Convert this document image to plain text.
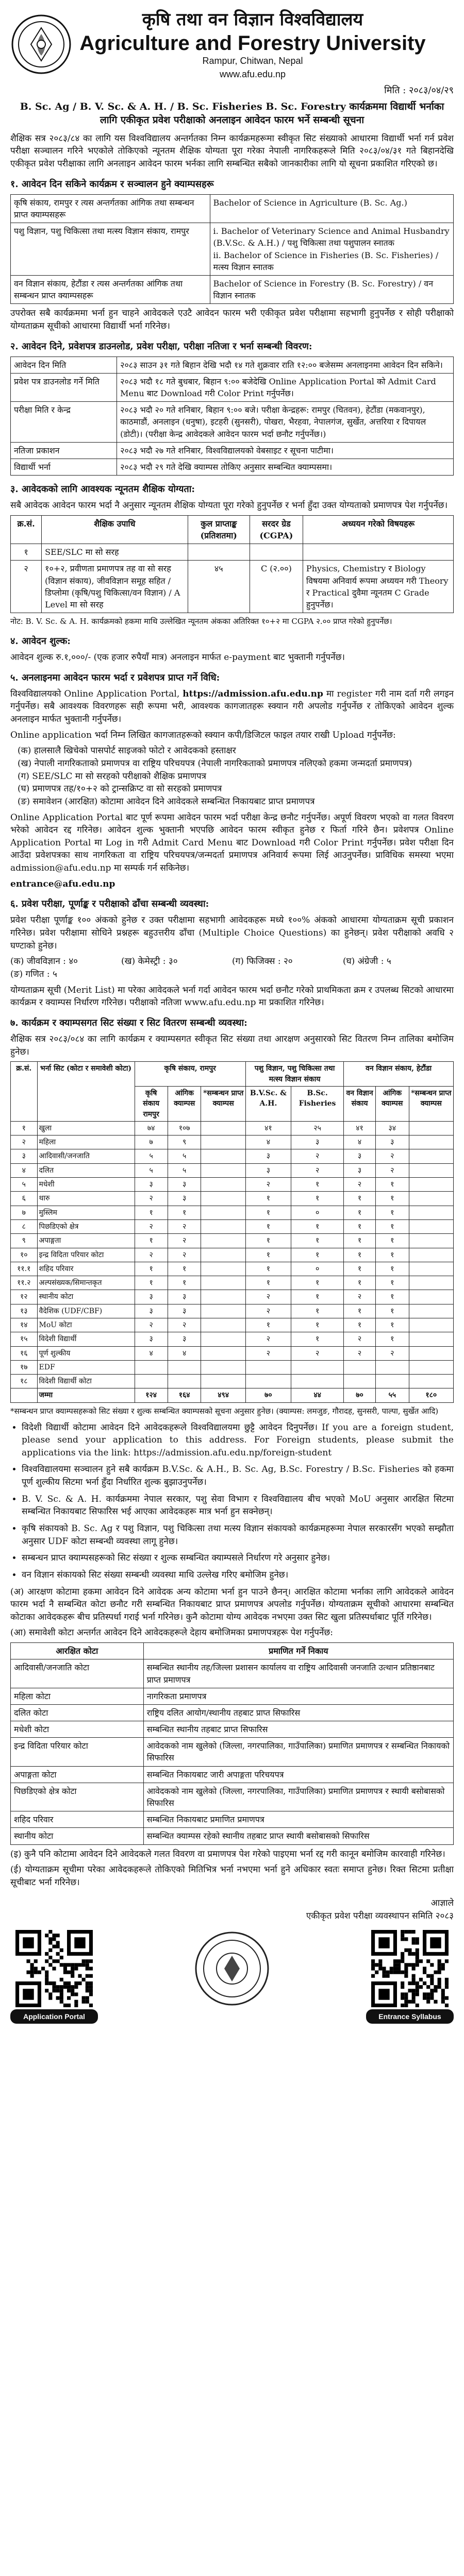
कृषि तथा वन विज्ञान विश्वविद्यालय
Agriculture and Forestry University
Rampur, Chitwan, Nepal
www.afu.edu.np
मिति : २०८३/०४/२९
B. Sc. Ag / B. V. Sc. & A. H. / B. Sc. Fisheries B. Sc. Forestry कार्यक्रममा विद्यार्थी भर्नाका लागि एकीकृत प्रवेश परीक्षाको अनलाइन आवेदन फारम भर्ने सम्बन्धी सूचना

शैक्षिक सत्र २०८३/८४ का लागि यस विश्वविद्यालय अन्तर्गतका निम्न कार्यक्रमहरूमा स्वीकृत सिट संख्याको आधारमा विद्यार्थी भर्ना गर्न प्रवेश परीक्षा सञ्चालन गरिने भएकोले तोकिएको न्यूनतम शैक्षिक योग्यता पूरा गरेका नेपाली नागरिकहरूले मिति २०८३/०४/३१ गते बिहानदेखि एकीकृत प्रवेश परीक्षाका लागि अनलाइन आवेदन फारम भर्नका लागि सम्बन्धित सबैको जानकारीका लागि यो सूचना प्रकाशित गरिएको छ।

१. आवेदन दिन सकिने कार्यक्रम र सञ्चालन हुने क्याम्पसहरू
कृषि संकाय, रामपुर र त्यस अन्तर्गतका आंगिक तथा सम्बन्धन प्राप्त क्याम्पसहरू	Bachelor of Science in Agriculture (B. Sc. Ag.)
पशु विज्ञान, पशु चिकित्सा तथा मत्स्य विज्ञान संकाय, रामपुर	i. Bachelor of Veterinary Science and Animal Husbandry (B.V.Sc. & A.H.) / पशु चिकित्सा तथा पशुपालन स्नातक
ii. Bachelor of Science in Fisheries (B. Sc. Fisheries) / मत्स्य विज्ञान स्नातक

वन विज्ञान संकाय, हेटौंडा र त्यस अन्तर्गतका आंगिक तथा सम्बन्धन प्राप्त क्याम्पसहरू	Bachelor of Science in Forestry (B. Sc. Forestry) / वन विज्ञान स्नातक

उपरोक्त सबै कार्यक्रममा भर्ना हुन चाहने आवेदकले एउटै आवेदन फारम भरी एकीकृत प्रवेश परीक्षामा सहभागी हुनुपर्नेछ र सोही परीक्षाको योग्यताक्रम सूचीको आधारमा विद्यार्थी भर्ना गरिनेछ।

२. आवेदन दिने, प्रवेशपत्र डाउनलोड, प्रवेश परीक्षा, परीक्षा नतिजा र भर्ना सम्बन्धी विवरण:
आवेदन दिन मिति	२०८३ साउन ३१ गते बिहान देखि भदौ १४ गते शुक्रवार राति १२:०० बजेसम्म अनलाइनमा आवेदन दिन सकिने।
प्रवेश पत्र डाउनलोड गर्ने मिति	२०८३ भदौ १८ गते बुधबार, बिहान ९:०० बजेदेखि Online Application Portal को Admit Card Menu बाट Download गरी Color Print गर्नुपर्नेछ।
परीक्षा मिति र केन्द्र	२०८३ भदौ २० गते शनिबार, बिहान ९:०० बजे। परीक्षा केन्द्रहरू: रामपुर (चितवन), हेटौंडा (मकवानपुर), काठमाडौं, अनलाइन (धनुषा), इटहरी (सुनसरी), पोखरा, भैरहवा, नेपालगंज, सुर्खेत, अत्तरिया र दिपायल (डोटी)। (परीक्षा केन्द्र आवेदकले आवेदन फारम भर्दा छनौट गर्नुपर्नेछ।)
नतिजा प्रकाशन	२०८३ भदौ २७ गते शनिबार, विश्वविद्यालयको वेबसाइट र सूचना पाटीमा।
विद्यार्थी भर्ना	२०८३ भदौ २९ गते देखि क्याम्पस तोकिए अनुसार सम्बन्धित क्याम्पसमा।
३. आवेदकको लागि आवश्यक न्यूनतम शैक्षिक योग्यता:

सबै आवेदक आवेदन फारम भर्दा नै अनुसार न्यूनतम शैक्षिक योग्यता पूरा गरेको हुनुपर्नेछ र भर्ना हुँदा उक्त योग्यताको प्रमाणपत्र पेश गर्नुपर्नेछ।

क्र.सं.	शैक्षिक उपाधि	कुल प्राप्ताङ्क (प्रतिशतमा)	सरदर ग्रेड (CGPA)	अध्ययन गरेको विषयहरू
१	SEE/SLC मा सो सरह			
२	१०+२, प्रवीणता प्रमाणपत्र तह वा सो सरह (विज्ञान संकाय), जीवविज्ञान समूह सहित / डिप्लोमा (कृषि/पशु चिकित्सा/वन विज्ञान) / A Level मा सो सरह	४५	C (२.००)	Physics, Chemistry र Biology विषयमा अनिवार्य रूपमा अध्ययन गरी Theory र Practical दुवैमा न्यूनतम C Grade हुनुपर्नेछ।

नोट: B. V. Sc. & A. H. कार्यक्रमको हकमा माथि उल्लेखित न्यूनतम अंकका अतिरिक्त १०+२ मा CGPA २.०० प्राप्त गरेको हुनुपर्नेछ।

४. आवेदन शुल्क:

आवेदन शुल्क रु.१,०००/- (एक हजार रुपैयाँ मात्र) अनलाइन मार्फत e-payment बाट भुक्तानी गर्नुपर्नेछ।

५. अनलाइनमा आवेदन फारम भर्दा र प्रवेशपत्र प्राप्त गर्ने विधि:

विश्वविद्यालयको Online Application Portal, https://admission.afu.edu.np मा register गरी नाम दर्ता गरी लगइन गर्नुपर्नेछ। सबै आवश्यक विवरणहरू सही रूपमा भरी, आवश्यक कागजातहरू स्क्यान गरी अपलोड गर्नुपर्नेछ र तोकिएको आवेदन शुल्क अनलाइन मार्फत भुक्तानी गर्नुपर्नेछ।

Online application भर्दा निम्न लिखित कागजातहरूको स्क्यान कपी/डिजिटल फाइल तयार राखी Upload गर्नुपर्नेछ:

(क) हालसालै खिचेको पासपोर्ट साइजको फोटो र आवेदकको हस्ताक्षर
(ख) नेपाली नागरिकताको प्रमाणपत्र वा राष्ट्रिय परिचयपत्र (नेपाली नागरिकताको प्रमाणपत्र नलिएको हकमा जन्मदर्ता प्रमाणपत्र)
(ग) SEE/SLC मा सो सरहको परीक्षाको शैक्षिक प्रमाणपत्र
(घ) प्रमाणपत्र तह/१०+२ को ट्रान्सक्रिप्ट वा सो सरहको प्रमाणपत्र
(ङ) समावेशन (आरक्षित) कोटामा आवेदन दिने आवेदकले सम्बन्धित निकायबाट प्राप्त प्रमाणपत्र

Online Application Portal बाट पूर्ण रूपमा आवेदन फारम भर्दा परीक्षा केन्द्र छनौट गर्नुपर्नेछ। अपूर्ण विवरण भएको वा गलत विवरण भरेको आवेदन रद्द गरिनेछ। आवेदन शुल्क भुक्तानी भएपछि आवेदन फारम स्वीकृत हुनेछ र फिर्ता गरिने छैन। प्रवेशपत्र Online Application Portal मा Log in गरी Admit Card Menu बाट Download गरी Color Print गर्नुपर्नेछ। प्रवेश परीक्षा दिन आउँदा प्रवेशपत्रका साथ नागरिकता वा राष्ट्रिय परिचयपत्र/जन्मदर्ता प्रमाणपत्र अनिवार्य रूपमा लिई आउनुपर्नेछ। प्राविधिक समस्या भएमा admission@afu.edu.np मा सम्पर्क गर्न सकिनेछ।

entrance@afu.edu.np

६. प्रवेश परीक्षा, पूर्णाङ्क र परीक्षाको ढाँचा सम्बन्धी व्यवस्था:

प्रवेश परीक्षा पूर्णाङ्क १०० अंकको हुनेछ र उक्त परीक्षामा सहभागी आवेदकहरू मध्ये १००% अंकको आधारमा योग्यताक्रम सूची प्रकाशन गरिनेछ। प्रवेश परीक्षामा सोधिने प्रश्नहरू बहुउत्तरीय ढाँचा (Multiple Choice Questions) का हुनेछन्। प्रवेश परीक्षाको अवधि २ घण्टाको हुनेछ।

(क) जीवविज्ञान : ४०	(ख) केमेस्ट्री : ३०	(ग) फिजिक्स : २०	(घ) अंग्रेजी : ५
(ङ) गणित : ५

योग्यताक्रम सूची (Merit List) मा परेका आवेदकले भर्ना गर्दा आवेदन फारम भर्दा छनौट गरेको प्राथमिकता क्रम र उपलब्ध सिटको आधारमा कार्यक्रम र क्याम्पस निर्धारण गरिनेछ। परीक्षाको नतिजा www.afu.edu.np मा प्रकाशित गरिनेछ।

७. कार्यक्रम र क्याम्पसगत सिट संख्या र सिट वितरण सम्बन्धी व्यवस्था:

शैक्षिक सत्र २०८३/०८४ का लागि कार्यक्रम र क्याम्पसगत स्वीकृत सिट संख्या तथा आरक्षण अनुसारको सिट वितरण निम्न तालिका बमोजिम हुनेछ।

क्र.सं.	भर्ना सिट (कोटा र समावेशी कोटा)	कृषि संकाय, रामपुर			पशु विज्ञान, पशु चिकित्सा तथा मत्स्य विज्ञान संकाय		वन विज्ञान संकाय, हेटौंडा		
		कृषि संकाय रामपुर	आंगिक क्याम्पस	*सम्बन्धन प्राप्त क्याम्पस	B.V.Sc. & A.H.	B.Sc. Fisheries	वन विज्ञान संकाय	आंगिक क्याम्पस	*सम्बन्धन प्राप्त क्याम्पस
१	खुला	७४	१०७		४१	२५	४१	३४	
२	महिला	७	९		४	३	४	३	
३	आदिवासी/जनजाति	५	५		३	२	३	२	
४	दलित	५	५		३	२	३	२	
५	मधेशी	३	३		२	१	२	१	
६	थारु	२	३		१	१	१	१	
७	मुस्लिम	१	१		१	०	१	१	
८	पिछडिएको क्षेत्र	२	२		१	१	१	१	
९	अपाङ्गता	१	२		१	१	१	१	
१०	इन्द्र विदिता परियार कोटा	२	२		१	१	१	१	
११.१	शहिद परिवार	१	१		१	०	१	१	
११.२	अल्पसंख्यक/सिमान्तकृत	१	१		१	१	१	१	
१२	स्थानीय कोटा	३	३		२	१	२	१	
१३	वैदेशिक (UDF/CBF)	३	३		२	१	१	१	
१४	MoU कोटा	२	२		१	१	१	१	
१५	विदेशी विद्यार्थी	३	३		२	१	२	१	
१६	पूर्ण शुल्कीय	४	४		२	२	२	२	
१७	EDF								
१८	विदेशी विद्यार्थी कोटा								
	जम्मा	१२४	१६४	४९४	७०	४४	७०	५५	१८०

*सम्बन्धन प्राप्त क्याम्पसहरूको सिट संख्या र शुल्क सम्बन्धित क्याम्पसको सूचना अनुसार हुनेछ। (क्याम्पस: लमजुङ, गौरादह, सुनसरी, पाल्पा, सुर्खेत आदि)

• विदेशी विद्यार्थी कोटामा आवेदन दिने आवेदकहरूले विश्वविद्यालयमा छुट्टै आवेदन दिनुपर्नेछ। If you are a foreign student, please send your application to this address. For Foreign students, please submit the applications via the link: https://admission.afu.edu.np/foreign-student
• विश्वविद्यालयमा सञ्चालन हुने सबै कार्यक्रम B.V.Sc. & A.H., B. Sc. Ag, B.Sc. Forestry / B.Sc. Fisheries को हकमा पूर्ण शुल्कीय सिटमा भर्ना हुँदा निर्धारित शुल्क बुझाउनुपर्नेछ।
• B. V. Sc. & A. H. कार्यक्रममा नेपाल सरकार, पशु सेवा विभाग र विश्वविद्यालय बीच भएको MoU अनुसार आरक्षित सिटमा सम्बन्धित निकायबाट सिफारिस भई आएका आवेदकहरू मात्र भर्ना हुन सक्नेछन्।
• कृषि संकायको B. Sc. Ag र पशु विज्ञान, पशु चिकित्सा तथा मत्स्य विज्ञान संकायको कार्यक्रमहरूमा नेपाल सरकारसँग भएको सम्झौता अनुसार UDF कोटा सम्बन्धी व्यवस्था लागू हुनेछ।
• सम्बन्धन प्राप्त क्याम्पसहरूको सिट संख्या र शुल्क सम्बन्धित क्याम्पसले निर्धारण गरे अनुसार हुनेछ।
• वन विज्ञान संकायको सिट संख्या सम्बन्धी व्यवस्था माथि उल्लेख गरिए बमोजिम हुनेछ।

(अ) आरक्षण कोटामा हकमा आवेदन दिने आवेदक अन्य कोटामा भर्ना हुन पाउने छैनन्। आरक्षित कोटामा भर्नाका लागि आवेदकले आवेदन फारम भर्दा नै सम्बन्धित कोटा छनौट गरी सम्बन्धित निकायबाट प्राप्त प्रमाणपत्र अपलोड गर्नुपर्नेछ। योग्यताक्रम सूचीको आधारमा सम्बन्धित कोटाका आवेदकहरू बीच प्रतिस्पर्धा गराई भर्ना गरिनेछ। कुनै कोटामा योग्य आवेदक नभएमा उक्त सिट खुला प्रतिस्पर्धाबाट पूर्ति गरिनेछ।

(आ) समावेशी कोटा अन्तर्गत आवेदन दिने आवेदकहरूले देहाय बमोजिमका प्रमाणपत्रहरू पेश गर्नुपर्नेछ:

आरक्षित कोटा	प्रमाणित गर्ने निकाय
आदिवासी/जनजाति कोटा	सम्बन्धित स्थानीय तह/जिल्ला प्रशासन कार्यालय वा राष्ट्रिय आदिवासी जनजाति उत्थान प्रतिष्ठानबाट प्राप्त प्रमाणपत्र
महिला कोटा	नागरिकता प्रमाणपत्र
दलित कोटा	राष्ट्रिय दलित आयोग/स्थानीय तहबाट प्राप्त सिफारिस
मधेशी कोटा	सम्बन्धित स्थानीय तहबाट प्राप्त सिफारिस
इन्द्र विदिता परियार कोटा	आवेदकको नाम खुलेको (जिल्ला, नगरपालिका, गाउँपालिका) प्रमाणित प्रमाणपत्र र सम्बन्धित निकायको सिफारिस
अपाङ्गता कोटा	सम्बन्धित निकायबाट जारी अपाङ्गता परिचयपत्र
पिछडिएको क्षेत्र कोटा	आवेदकको नाम खुलेको (जिल्ला, नगरपालिका, गाउँपालिका) प्रमाणित प्रमाणपत्र र स्थायी बसोबासको सिफारिस
शहिद परिवार	सम्बन्धित निकायबाट प्रमाणित प्रमाणपत्र
स्थानीय कोटा	सम्बन्धित क्याम्पस रहेको स्थानीय तहबाट प्राप्त स्थायी बसोबासको सिफारिस

(इ) कुनै पनि कोटामा आवेदन दिने आवेदकले गलत विवरण वा प्रमाणपत्र पेश गरेको पाइएमा भर्ना रद्द गरी कानून बमोजिम कारवाही गरिनेछ।

(ई) योग्यताक्रम सूचीमा परेका आवेदकहरूले तोकिएको मितिभित्र भर्ना नभएमा भर्ना हुने अधिकार स्वतः समाप्त हुनेछ। रिक्त सिटमा प्रतीक्षा सूचीबाट भर्ना गरिनेछ।

आज्ञाले
एकीकृत प्रवेश परीक्षा व्यवस्थापन समिति २०८३
Application Portal	Entrance Syllabus
